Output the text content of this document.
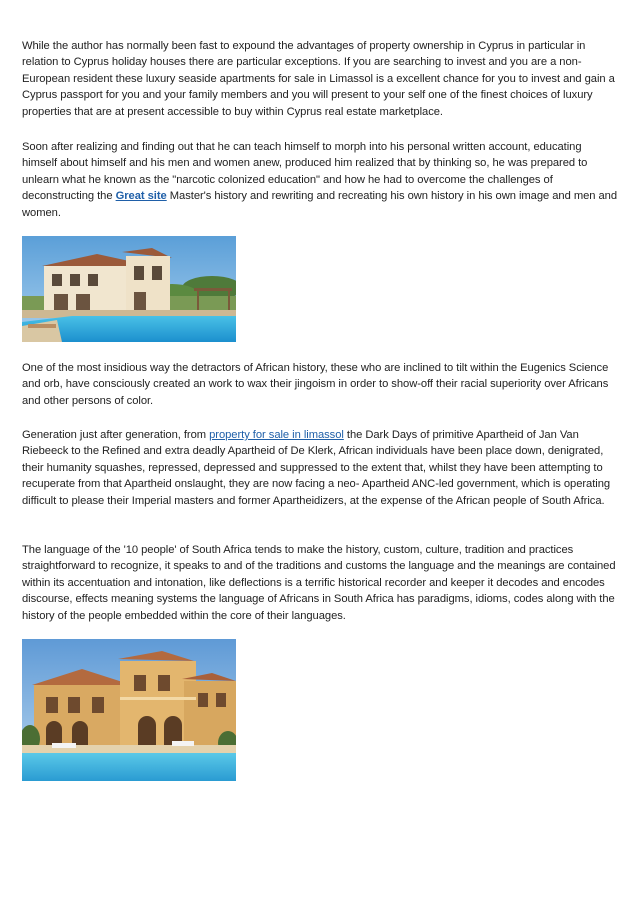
While the author has normally been fast to expound the advantages of property ownership in Cyprus in particular in relation to Cyprus holiday houses there are particular exceptions. If you are searching to invest and you are a non-European resident these luxury seaside apartments for sale in Limassol is a excellent chance for you to invest and gain a Cyprus passport for you and your family members and you will present to your self one of the finest choices of luxury properties that are at present accessible to buy within Cyprus real estate marketplace.

Soon after realizing and finding out that he can teach himself to morph into his personal written account, educating himself about himself and his men and women anew, produced him realized that by thinking so, he was prepared to unlearn what he known as the "narcotic colonized education" and how he had to overcome the challenges of deconstructing the Great site Master's history and rewriting and recreating his own history in his own image and men and women.

One of the most insidious way the detractors of African history, these who are inclined to tilt within the Eugenics Science and orb, have consciously created an work to wax their jingoism in order to show-off their racial superiority over Africans and other persons of color.

Generation just after generation, from property for sale in limassol the Dark Days of primitive Apartheid of Jan Van Riebeeck to the Refined and extra deadly Apartheid of De Klerk, African individuals have been place down, denigrated, their humanity squashes, repressed, depressed and suppressed to the extent that, whilst they have been attempting to recuperate from that Apartheid onslaught, they are now facing a neo- Apartheid ANC-led government, which is operating difficult to please their Imperial masters and former Apartheidizers, at the expense of the African people of South Africa.

The language of the '10 people' of South Africa tends to make the history, custom, culture, tradition and practices straightforward to recognize, it speaks to and of the traditions and customs the language and the meanings are contained within its accentuation and intonation, like deflections is a terrific historical recorder and keeper it decodes and encodes discourse, effects meaning systems the language of Africans in South Africa has paradigms, idioms, codes along with the history of the people embedded within the core of their languages.
